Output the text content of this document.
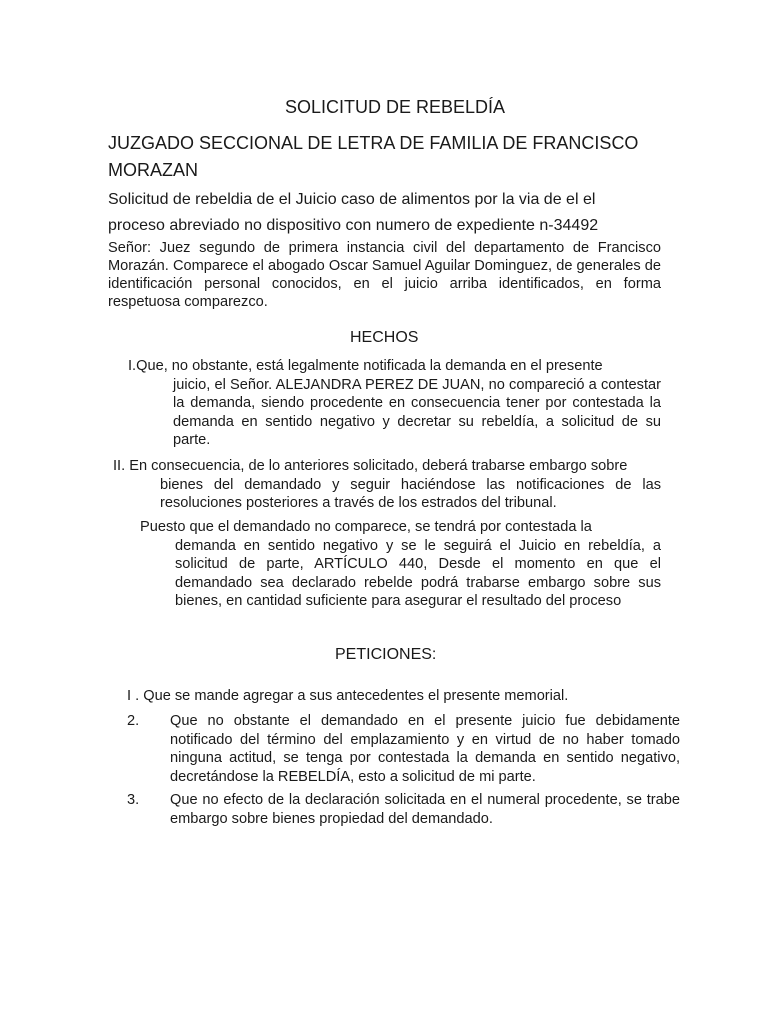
SOLICITUD DE REBELDÍA
JUZGADO SECCIONAL DE LETRA DE FAMILIA DE FRANCISCO MORAZAN
Solicitud de rebeldia de el Juicio caso de alimentos por la via de el el
proceso abreviado no dispositivo con numero de expediente n-34492

Señor: Juez segundo de primera instancia civil del departamento de Francisco Morazán. Comparece el abogado Oscar Samuel Aguilar Dominguez, de generales de identificación personal conocidos, en el juicio arriba identificados, en forma respetuosa comparezco.

HECHOS
I.Que, no obstante, está legalmente notificada la demanda en el presente
juicio, el Señor. ALEJANDRA PEREZ DE JUAN, no compareció a contestar la demanda, siendo procedente en consecuencia tener por contestada la demanda en sentido negativo y decretar su rebeldía, a solicitud de su parte.
II. En consecuencia, de lo anteriores solicitado, deberá trabarse embargo sobre
bienes del demandado y seguir haciéndose las notificaciones de las resoluciones posteriores a través de los estrados del tribunal.
Puesto que el demandado no comparece, se tendrá por contestada la
demanda en sentido negativo y se le seguirá el Juicio en rebeldía, a solicitud de parte, ARTÍCULO 440, Desde el momento en que el demandado sea declarado rebelde podrá trabarse embargo sobre sus bienes, en cantidad suficiente para asegurar el resultado del proceso
PETICIONES:
I . Que se mande agregar a sus antecedentes el presente memorial.
2.	Que no obstante el demandado en el presente juicio fue debidamente notificado del término del emplazamiento y en virtud de no haber tomado ninguna actitud, se tenga por contestada la demanda en sentido negativo, decretándose la REBELDÍA, esto a solicitud de mi parte.
3.	Que no efecto de la declaración solicitada en el numeral procedente, se trabe embargo sobre bienes propiedad del demandado.
